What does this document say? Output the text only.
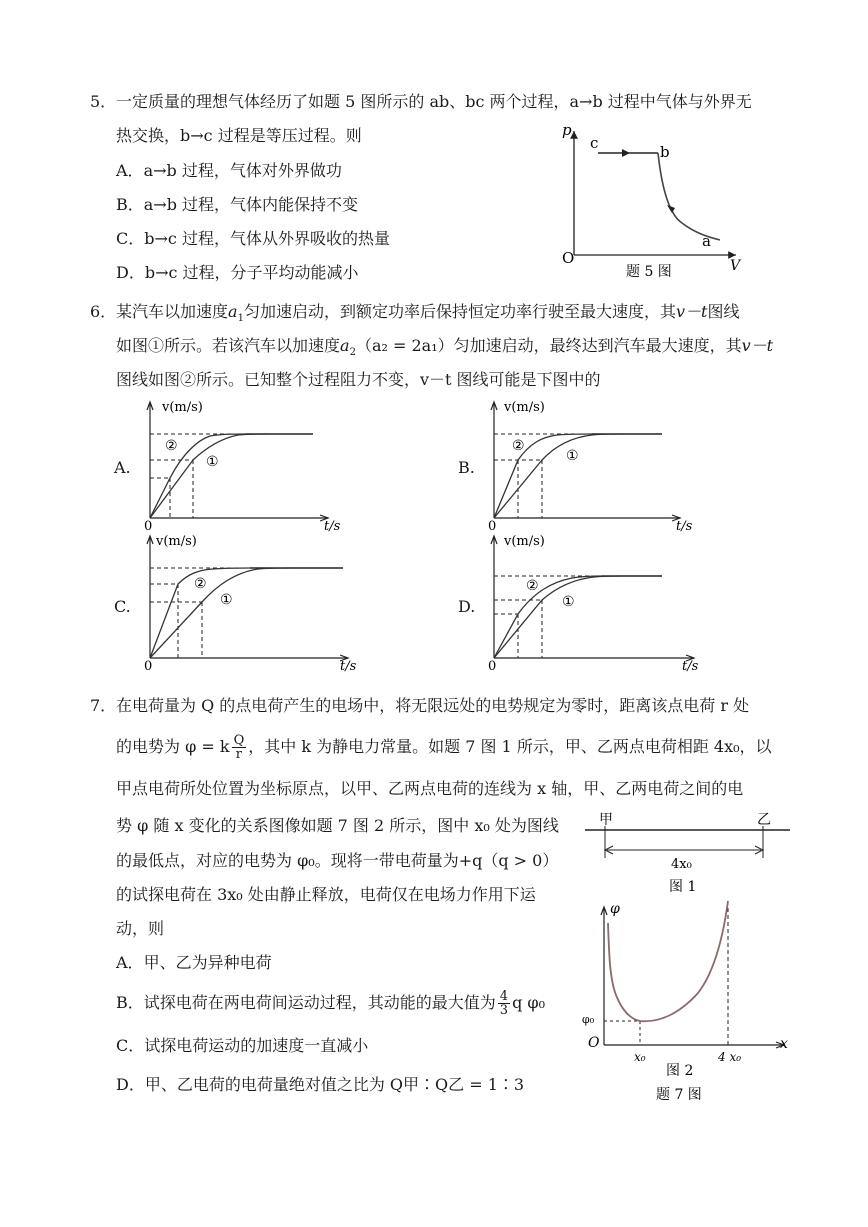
5． 一定质量的理想气体经历了如题 5 图所示的 ab、bc 两个过程，a→b 过程中气体与外界无
热交换，b→c 过程是等压过程。则
A．a→b 过程，气体对外界做功
B．a→b 过程，气体内能保持不变
C．b→c 过程，气体从外界吸收的热量
D．b→c 过程，分子平均动能减小
p
V
O
c	b
a
题 5 图
6． 某汽车以加速度$a_1$匀加速启动，到额定功率后保持恒定功率行驶至最大速度，其v－t图线
如图①所示。若该汽车以加速度$a_2(a_2 = 2a_1)$匀加速启动，最终达到汽车最大速度，其v－t
图线如图②所示。已知整个过程阻力不变，v－t 图线可能是下图中的
A.
v(m/s)
t/s
0
②
①	B.
v(m/s)
t/s
0
②
①
C.
v(m/s)
t/s
0
②
①	D.
v(m/s)
t/s
0
②
①
7． 在电荷量为 Q 的点电荷产生的电场中，将无限远处的电势规定为零时，距离该点电荷 r 处
的电势为 φ = k $\frac{Q}{r}$ ，其中 k 为静电力常量。如题 7 图 1 所示，甲、乙两点电荷相距 4x₀，以
甲点电荷所处位置为坐标原点，以甲、乙两点电荷的连线为 x 轴，甲、乙两电荷之间的电
势 φ 随 x 变化的关系图像如题 7 图 2 所示，图中 x₀ 处为图线
的最低点，对应的电势为 φ₀。现将一带电荷量为+q（q > 0）
的试探电荷在 3x₀ 处由静止释放，电荷仅在电场力作用下运
动，则
A．甲、乙为异种电荷
B．试探电荷在两电荷间运动过程，其动能的最大值为 $\frac{4}{3}$ q φ₀
C．试探电荷运动的加速度一直减小
D．甲、乙电荷的电荷量绝对值之比为 Q甲∶Q乙 = 1∶3
甲	乙
4x₀
图 1
φ
x
O
φ₀
x₀	4 x₀
图 2
题 7 图
